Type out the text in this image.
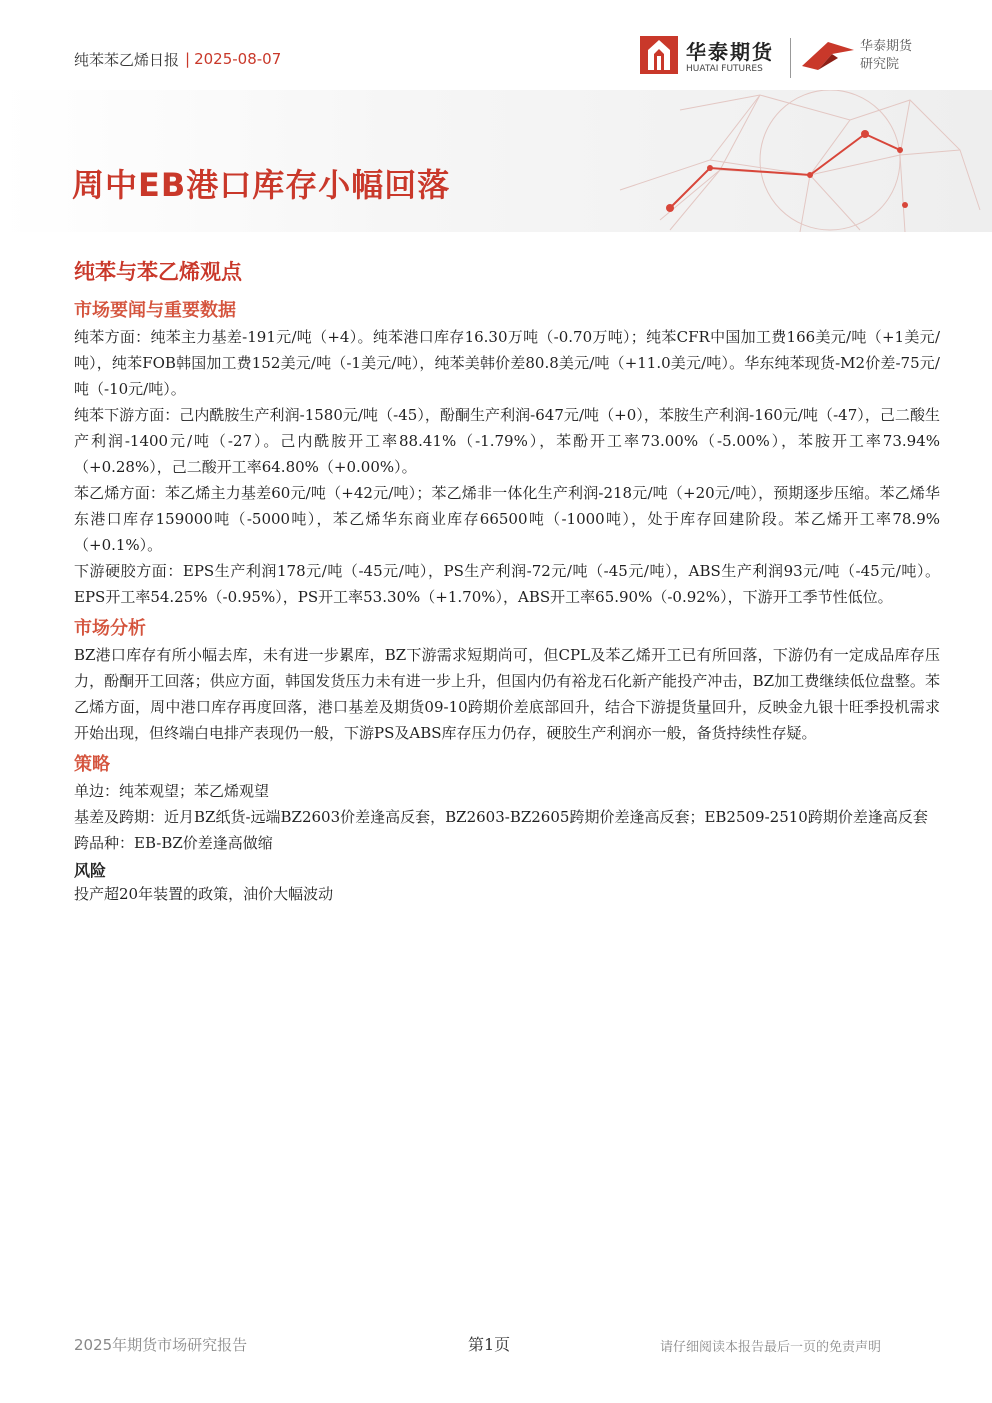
纯苯苯乙烯日报 | 2025-08-07	华泰期货
HUATAI FUTURES
华泰期货
研究院
周中EB港口库存小幅回落
纯苯与苯乙烯观点
市场要闻与重要数据

纯苯方面：纯苯主力基差-191元/吨（+4）。纯苯港口库存16.30万吨（-0.70万吨）；纯苯CFR中国加工费166美元/吨（+1美元/吨），纯苯FOB韩国加工费152美元/吨（-1美元/吨），纯苯美韩价差80.8美元/吨（+11.0美元/吨）。华东纯苯现货-M2价差-75元/吨（-10元/吨）。

纯苯下游方面：己内酰胺生产利润-1580元/吨（-45），酚酮生产利润-647元/吨（+0），苯胺生产利润-160元/吨（-47），己二酸生产利润-1400元/吨（-27）。己内酰胺开工率88.41%（-1.79%），苯酚开工率73.00%（-5.00%），苯胺开工率73.94%（+0.28%），己二酸开工率64.80%（+0.00%）。

苯乙烯方面：苯乙烯主力基差60元/吨（+42元/吨）；苯乙烯非一体化生产利润-218元/吨（+20元/吨），预期逐步压缩。苯乙烯华东港口库存159000吨（-5000吨），苯乙烯华东商业库存66500吨（-1000吨），处于库存回建阶段。苯乙烯开工率78.9%（+0.1%）。

下游硬胶方面：EPS生产利润178元/吨（-45元/吨），PS生产利润-72元/吨（-45元/吨），ABS生产利润93元/吨（-45元/吨）。EPS开工率54.25%（-0.95%），PS开工率53.30%（+1.70%），ABS开工率65.90%（-0.92%），下游开工季节性低位。

市场分析

BZ港口库存有所小幅去库，未有进一步累库，BZ下游需求短期尚可，但CPL及苯乙烯开工已有所回落，下游仍有一定成品库存压力，酚酮开工回落；供应方面，韩国发货压力未有进一步上升，但国内仍有裕龙石化新产能投产冲击，BZ加工费继续低位盘整。苯乙烯方面，周中港口库存再度回落，港口基差及期货09-10跨期价差底部回升，结合下游提货量回升，反映金九银十旺季投机需求开始出现，但终端白电排产表现仍一般，下游PS及ABS库存压力仍存，硬胶生产利润亦一般，备货持续性存疑。

策略

单边：纯苯观望；苯乙烯观望

基差及跨期：近月BZ纸货-远端BZ2603价差逢高反套，BZ2603-BZ2605跨期价差逢高反套；EB2509-2510跨期价差逢高反套

跨品种：EB-BZ价差逢高做缩

风险

投产超20年装置的政策，油价大幅波动

2025年期货市场研究报告	第1页	请仔细阅读本报告最后一页的免责声明
